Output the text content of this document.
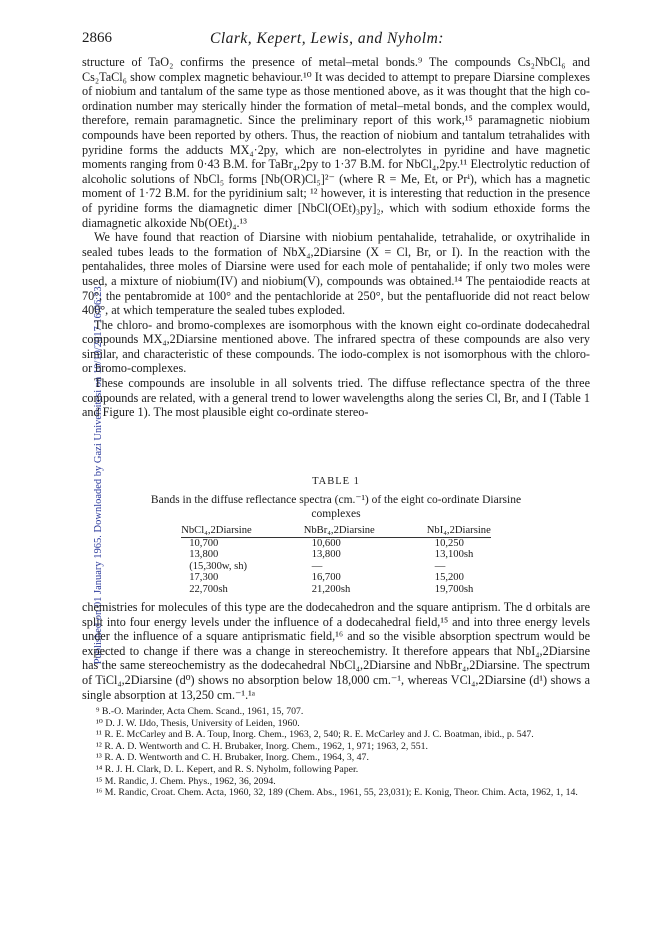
Published on 01 January 1965. Downloaded by Gazi Universitesi on 10/10/2017 16:06:23.
2866	Clark, Kepert, Lewis, and Nyholm:

structure of TaO₂ confirms the presence of metal–metal bonds.⁹ The compounds Cs₂NbCl₆ and Cs₂TaCl₆ show complex magnetic behaviour.¹⁰ It was decided to attempt to prepare Diarsine complexes of niobium and tantalum of the same type as those mentioned above, as it was thought that the high co-ordination number may sterically hinder the formation of metal–metal bonds, and the complex would, therefore, remain paramagnetic. Since the preliminary report of this work,¹⁵ paramagnetic niobium compounds have been reported by others. Thus, the reaction of niobium and tantalum tetrahalides with pyridine forms the adducts MX₄·2py, which are non-electrolytes in pyridine and have magnetic moments ranging from 0·43 B.M. for TaBr₄,2py to 1·37 B.M. for NbCl₄,2py.¹¹ Electrolytic reduction of alcoholic solutions of NbCl₅ forms [Nb(OR)Cl₅]²⁻ (where R = Me, Et, or Prⁱ), which has a magnetic moment of 1·72 B.M. for the pyridinium salt; ¹² however, it is interesting that reduction in the presence of pyridine forms the diamagnetic dimer [NbCl(OEt)₃py]₂, which with sodium ethoxide forms the diamagnetic alkoxide Nb(OEt)₄.¹³

We have found that reaction of Diarsine with niobium pentahalide, tetrahalide, or oxytrihalide in sealed tubes leads to the formation of NbX₄,2Diarsine (X = Cl, Br, or I). In the reaction with the pentahalides, three moles of Diarsine were used for each mole of pentahalide; if only two moles were used, a mixture of niobium(IV) and niobium(V), compounds was obtained.¹⁴ The pentaiodide reacts at 70°, the pentabromide at 100° and the pentachloride at 250°, but the pentafluoride did not react below 400°, at which temperature the sealed tubes exploded.

The chloro- and bromo-complexes are isomorphous with the known eight co-ordinate dodecahedral compounds MX₄,2Diarsine mentioned above. The infrared spectra of these compounds are also very similar, and characteristic of these compounds. The iodo-complex is not isomorphous with the chloro- or bromo-complexes.

These compounds are insoluble in all solvents tried. The diffuse reflectance spectra of the three compounds are related, with a general trend to lower wavelengths along the series Cl, Br, and I (Table 1 and Figure 1). The most plausible eight co-ordinate stereo-

TABLE 1
Bands in the diffuse reflectance spectra (cm.⁻¹) of the eight co-ordinate Diarsine
complexes
NbCl₄,2Diarsine	NbBr₄,2Diarsine	NbI₄,2Diarsine
10,700	10,600	10,250
13,800	13,800	13,100sh
(15,300w, sh)	—	—
17,300	16,700	15,200
22,700sh	21,200sh	19,700sh

chemistries for molecules of this type are the dodecahedron and the square antiprism. The d orbitals are split into four energy levels under the influence of a dodecahedral field,¹⁵ and into three energy levels under the influence of a square antiprismatic field,¹⁶ and so the visible absorption spectrum would be expected to change if there was a change in stereochemistry. It therefore appears that NbI₄,2Diarsine has the same stereochemistry as the dodecahedral NbCl₄,2Diarsine and NbBr₄,2Diarsine. The spectrum of TiCl₄,2Diarsine (d⁰) shows no absorption below 18,000 cm.⁻¹, whereas VCl₄,2Diarsine (d¹) shows a single absorption at 13,250 cm.⁻¹.¹ᵃ

⁹ B.-O. Marinder, Acta Chem. Scand., 1961, 15, 707.

¹⁰ D. J. W. IJdo, Thesis, University of Leiden, 1960.

¹¹ R. E. McCarley and B. A. Toup, Inorg. Chem., 1963, 2, 540; R. E. McCarley and J. C. Boatman, ibid., p. 547.

¹² R. A. D. Wentworth and C. H. Brubaker, Inorg. Chem., 1962, 1, 971; 1963, 2, 551.

¹³ R. A. D. Wentworth and C. H. Brubaker, Inorg. Chem., 1964, 3, 47.

¹⁴ R. J. H. Clark, D. L. Kepert, and R. S. Nyholm, following Paper.

¹⁵ M. Randic, J. Chem. Phys., 1962, 36, 2094.

¹⁶ M. Randic, Croat. Chem. Acta, 1960, 32, 189 (Chem. Abs., 1961, 55, 23,031); E. Konig, Theor. Chim. Acta, 1962, 1, 14.
